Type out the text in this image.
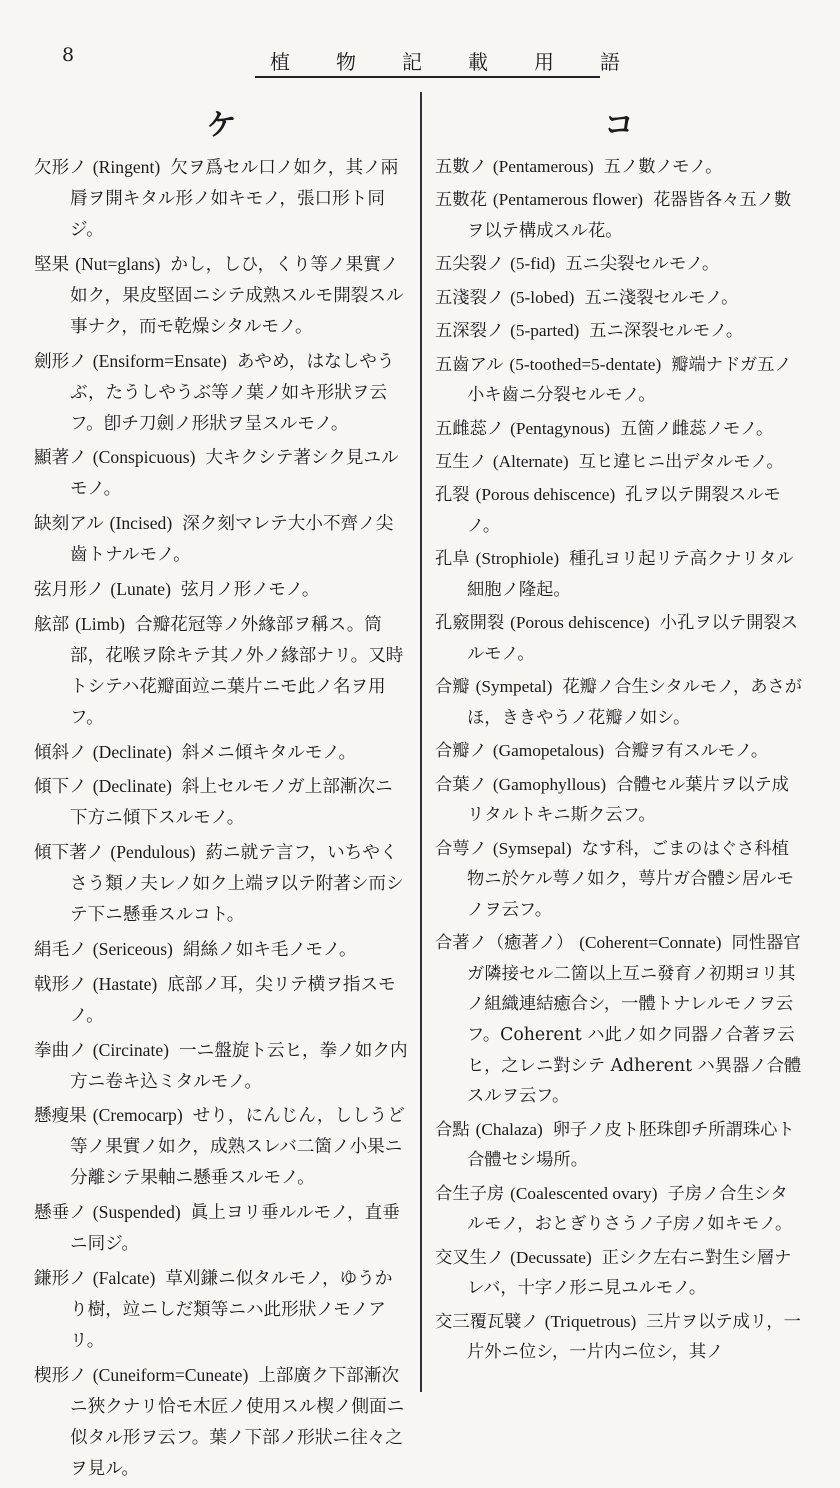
8	植物記載用語
ケ

欠形ノ (Ringent) 欠ヲ爲セル口ノ如ク，其ノ兩脣ヲ開キタル形ノ如キモノ，張口形ト同ジ。

堅果 (Nut=glans) かし，しひ，くり等ノ果實ノ如ク，果皮堅固ニシテ成熟スルモ開裂スル事ナク，而モ乾燥シタルモノ。

劍形ノ (Ensiform=Ensate) あやめ，はなしやうぶ，たうしやうぶ等ノ葉ノ如キ形狀ヲ云フ。卽チ刀劍ノ形狀ヲ呈スルモノ。

顯著ノ (Conspicuous) 大キクシテ著シク見ユルモノ。

缺刻アル (Incised) 深ク刻マレテ大小不齊ノ尖齒トナルモノ。

弦月形ノ (Lunate) 弦月ノ形ノモノ。

舷部 (Limb) 合瓣花冠等ノ外緣部ヲ稱ス。筒部，花喉ヲ除キテ其ノ外ノ緣部ナリ。又時トシテハ花瓣面竝ニ葉片ニモ此ノ名ヲ用フ。

傾斜ノ (Declinate) 斜メニ傾キタルモノ。

傾下ノ (Declinate) 斜上セルモノガ上部漸次ニ下方ニ傾下スルモノ。

傾下著ノ (Pendulous) 葯ニ就テ言フ，いちやくさう類ノ夫レノ如ク上端ヲ以テ附著シ而シテ下ニ懸垂スルコト。

絹毛ノ (Sericeous) 絹絲ノ如キ毛ノモノ。

戟形ノ (Hastate) 底部ノ耳，尖リテ横ヲ指スモノ。

拳曲ノ (Circinate) 一ニ盤旋ト云ヒ，拳ノ如ク内方ニ卷キ込ミタルモノ。

懸瘦果 (Cremocarp) せり，にんじん，ししうど等ノ果實ノ如ク，成熟スレバ二箇ノ小果ニ分離シテ果軸ニ懸垂スルモノ。

懸垂ノ (Suspended) 眞上ヨリ垂ルルモノ，直垂ニ同ジ。

鎌形ノ (Falcate) 草刈鎌ニ似タルモノ，ゆうかり樹，竝ニしだ類等ニハ此形狀ノモノアリ。

楔形ノ (Cuneiform=Cuneate) 上部廣ク下部漸次ニ狹クナリ恰モ木匠ノ使用スル楔ノ側面ニ似タル形ヲ云フ。葉ノ下部ノ形狀ニ往々之ヲ見ル。

コ

五數ノ (Pentamerous) 五ノ數ノモノ。

五數花 (Pentamerous flower) 花器皆各々五ノ數ヲ以テ構成スル花。

五尖裂ノ (5-fid) 五ニ尖裂セルモノ。

五淺裂ノ (5-lobed) 五ニ淺裂セルモノ。

五深裂ノ (5-parted) 五ニ深裂セルモノ。

五齒アル (5-toothed=5-dentate) 瓣端ナドガ五ノ小キ齒ニ分裂セルモノ。

五雌蕊ノ (Pentagynous) 五箇ノ雌蕊ノモノ。

互生ノ (Alternate) 互ヒ違ヒニ出デタルモノ。

孔裂 (Porous dehiscence) 孔ヲ以テ開裂スルモノ。

孔阜 (Strophiole) 種孔ヨリ起リテ高クナリタル細胞ノ隆起。

孔竅開裂 (Porous dehiscence) 小孔ヲ以テ開裂スルモノ。

合瓣 (Sympetal) 花瓣ノ合生シタルモノ，あさがほ，ききやうノ花瓣ノ如シ。

合瓣ノ (Gamopetalous) 合瓣ヲ有スルモノ。

合葉ノ (Gamophyllous) 合體セル葉片ヲ以テ成リタルトキニ斯ク云フ。

合萼ノ (Symsepal) なす科，ごまのはぐさ科植物ニ於ケル萼ノ如ク，萼片ガ合體シ居ルモノヲ云フ。

合著ノ（癒著ノ） (Coherent=Connate) 同性器官ガ隣接セル二箇以上互ニ發育ノ初期ヨリ其ノ組織連結癒合シ，一體トナレルモノヲ云フ。Coherent ハ此ノ如ク同器ノ合著ヲ云ヒ，之レニ對シテ Adherent ハ異器ノ合體スルヲ云フ。

合點 (Chalaza) 卵子ノ皮ト胚珠卽チ所謂珠心ト合體セシ場所。

合生子房 (Coalescented ovary) 子房ノ合生シタルモノ，おとぎりさうノ子房ノ如キモノ。

交叉生ノ (Decussate) 正シク左右ニ對生シ層ナレバ，十字ノ形ニ見ユルモノ。

交三覆瓦襞ノ (Triquetrous) 三片ヲ以テ成リ，一片外ニ位シ，一片内ニ位シ，其ノ
